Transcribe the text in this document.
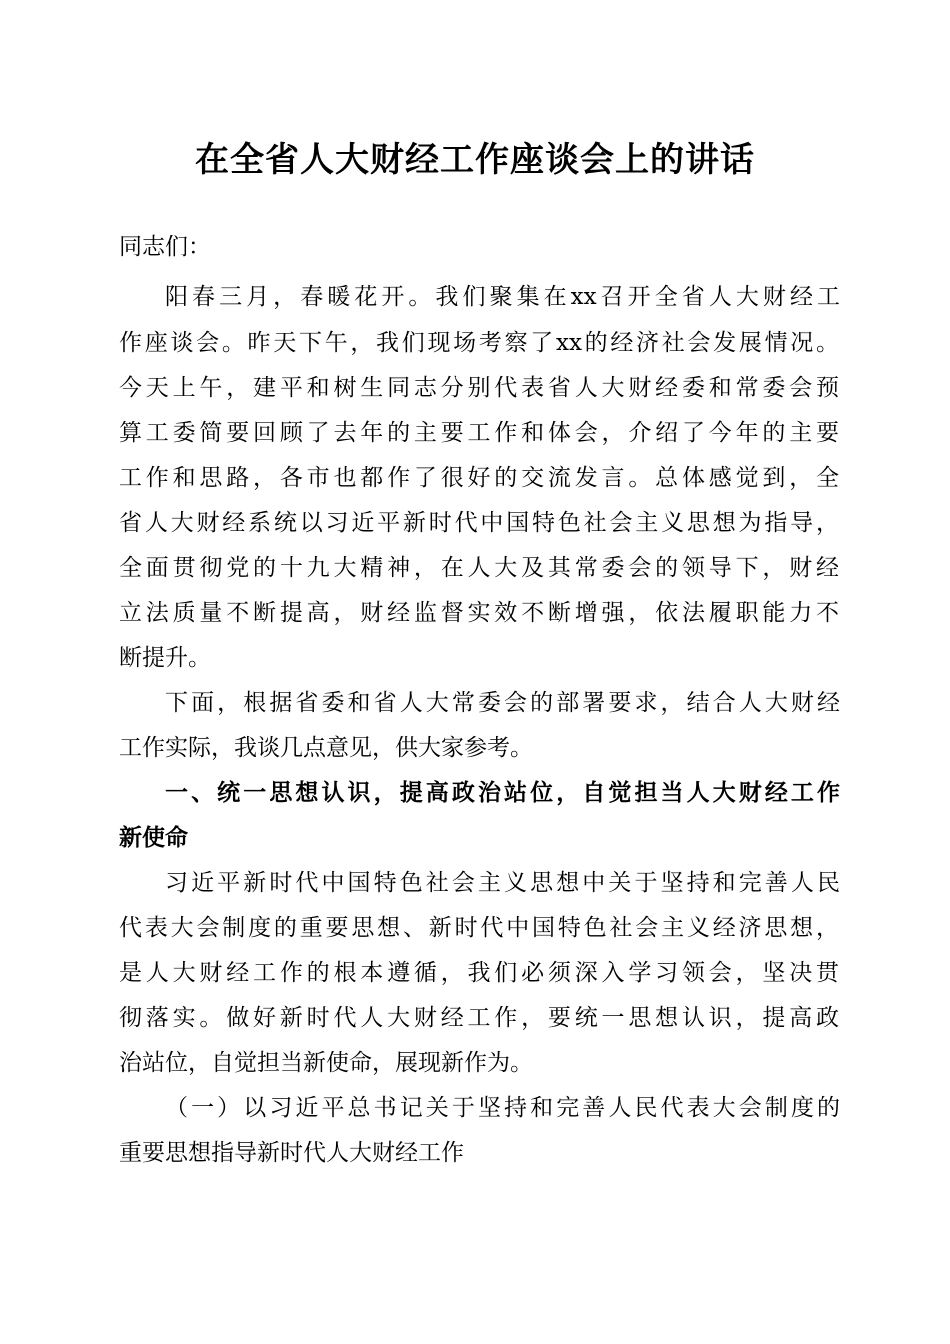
在全省人大财经工作座谈会上的讲话

同志们：

阳春三月，春暖花开。我们聚集在xx召开全省人大财经工

作座谈会。昨天下午，我们现场考察了xx的经济社会发展情况。

今天上午，建平和树生同志分别代表省人大财经委和常委会预

算工委简要回顾了去年的主要工作和体会，介绍了今年的主要

工作和思路，各市也都作了很好的交流发言。总体感觉到，全

省人大财经系统以习近平新时代中国特色社会主义思想为指导，

全面贯彻党的十九大精神，在人大及其常委会的领导下，财经

立法质量不断提高，财经监督实效不断增强，依法履职能力不

断提升。

下面，根据省委和省人大常委会的部署要求，结合人大财经

工作实际，我谈几点意见，供大家参考。

一、统一思想认识，提高政治站位，自觉担当人大财经工作

新使命

习近平新时代中国特色社会主义思想中关于坚持和完善人民

代表大会制度的重要思想、新时代中国特色社会主义经济思想，

是人大财经工作的根本遵循，我们必须深入学习领会，坚决贯

彻落实。做好新时代人大财经工作，要统一思想认识，提高政

治站位，自觉担当新使命，展现新作为。

（一）以习近平总书记关于坚持和完善人民代表大会制度的

重要思想指导新时代人大财经工作
